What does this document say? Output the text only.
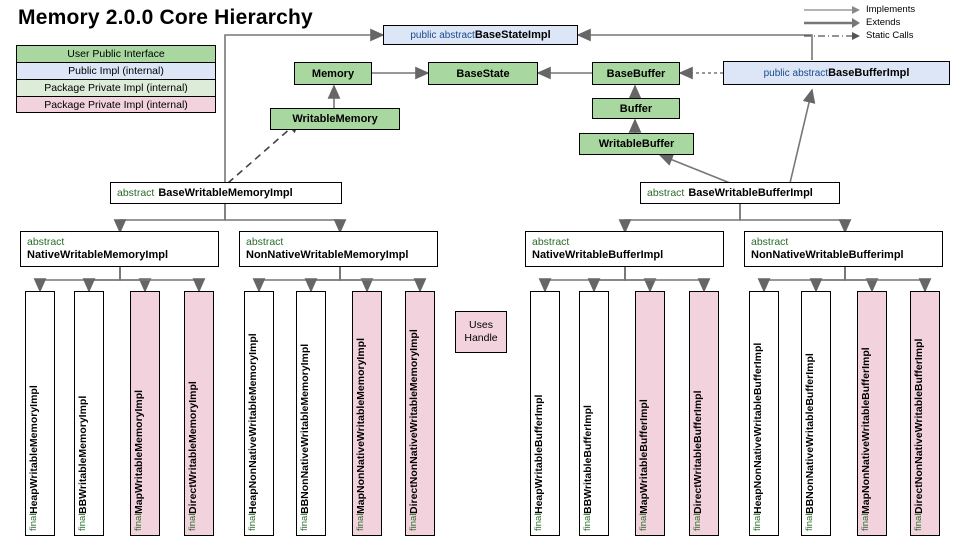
Memory 2.0.0 Core Hierarchy
User Public Interface
Public Impl (internal)
Package Private Impl (internal)
Package Private Impl (internal)
Implements
Extends
Static Calls
public abstract BaseStateImpl
Memory	BaseState	BaseBuffer	public abstract BaseBufferImpl
WritableMemory
Buffer
WritableBuffer
abstract BaseWritableMemoryImpl	abstract BaseWritableBufferImpl
abstract
NativeWritableMemoryImpl
abstract
NonNativeWritableMemoryImpl
abstract
NativeWritableBufferImpl
abstract
NonNativeWritableBufferimpl
Uses
Handle
final
HeapWritableMemoryImpl
final
BBWritableMemoryImpl
final
MapWritableMemoryImpl
final
DirectWritableMemoryImpl
final
HeapNonNativeWritableMemoryImpl
final
BBNonNativeWritableMemoryImpl
final
MapNonNativeWritableMemoryImpl
final
DirectNonNativeWritableMemoryImpl
final
HeapWritableBufferImpl
final
BBWritableBufferImpl
final
MapWritableBufferImpl
final
DirectWritableBufferImpl
final
HeapNonNativeWritableBufferImpl
final
BBNonNativeWritableBufferImpl
final
MapNonNativeWritableBufferImpl
final
DirectNonNativeWritableBufferImpl
